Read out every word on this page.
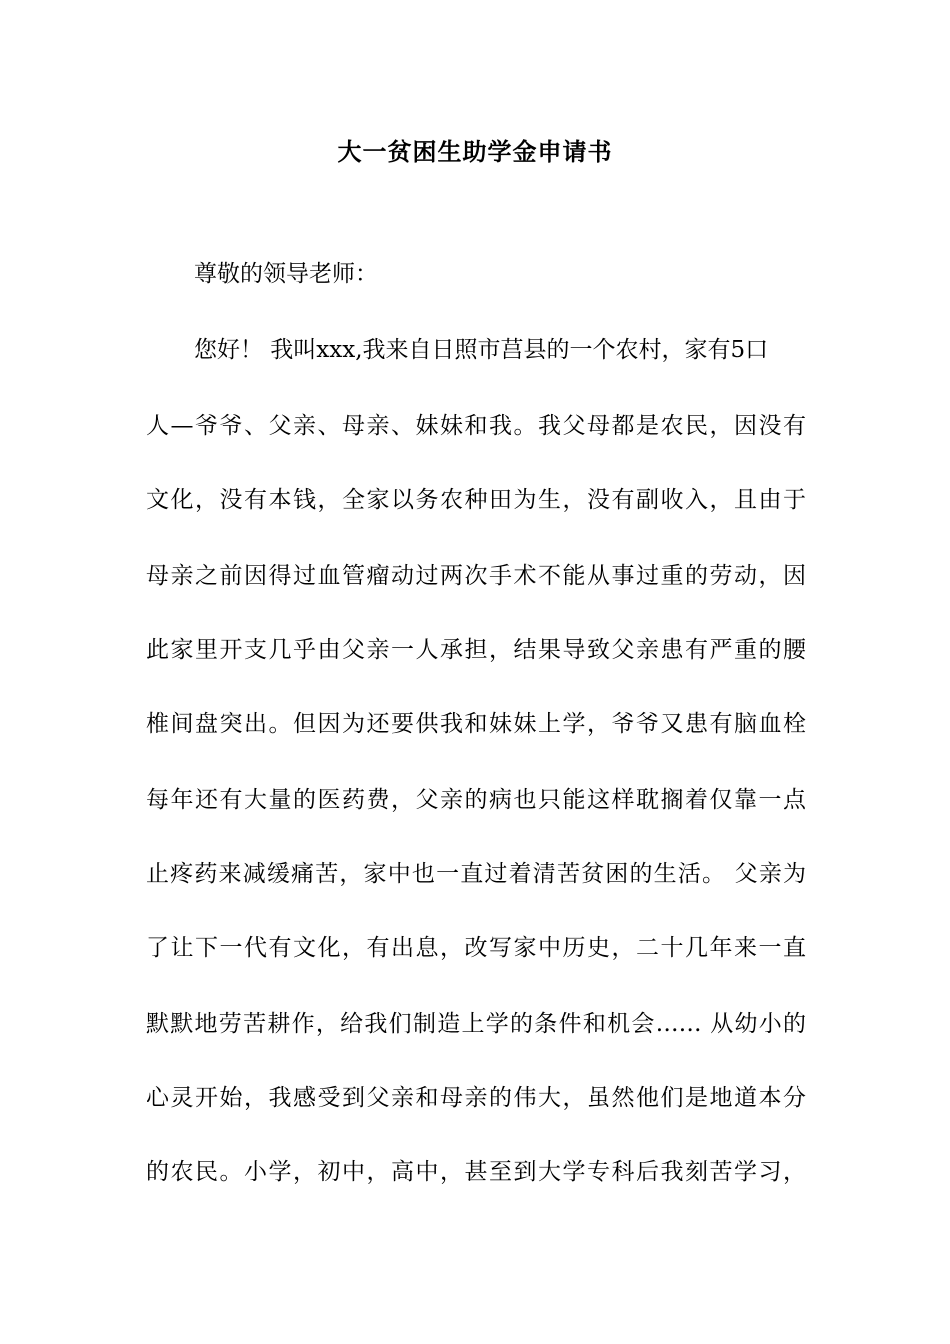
大一贫困生助学金申请书
尊敬的领导老师：
您好！ 我叫xxx,我来自日照市莒县的一个农村，家有5口
人—爷爷、父亲、母亲、妹妹和我。我父母都是农民，因没有
文化，没有本钱，全家以务农种田为生，没有副收入，且由于
母亲之前因得过血管瘤动过两次手术不能从事过重的劳动，因
此家里开支几乎由父亲一人承担，结果导致父亲患有严重的腰
椎间盘突出。但因为还要供我和妹妹上学，爷爷又患有脑血栓
每年还有大量的医药费，父亲的病也只能这样耽搁着仅靠一点
止疼药来减缓痛苦，家中也一直过着清苦贫困的生活。 父亲为
了让下一代有文化，有出息，改写家中历史，二十几年来一直
默默地劳苦耕作，给我们制造上学的条件和机会…… 从幼小的
心灵开始，我感受到父亲和母亲的伟大，虽然他们是地道本分
的农民。小学，初中，高中，甚至到大学专科后我刻苦学习，
